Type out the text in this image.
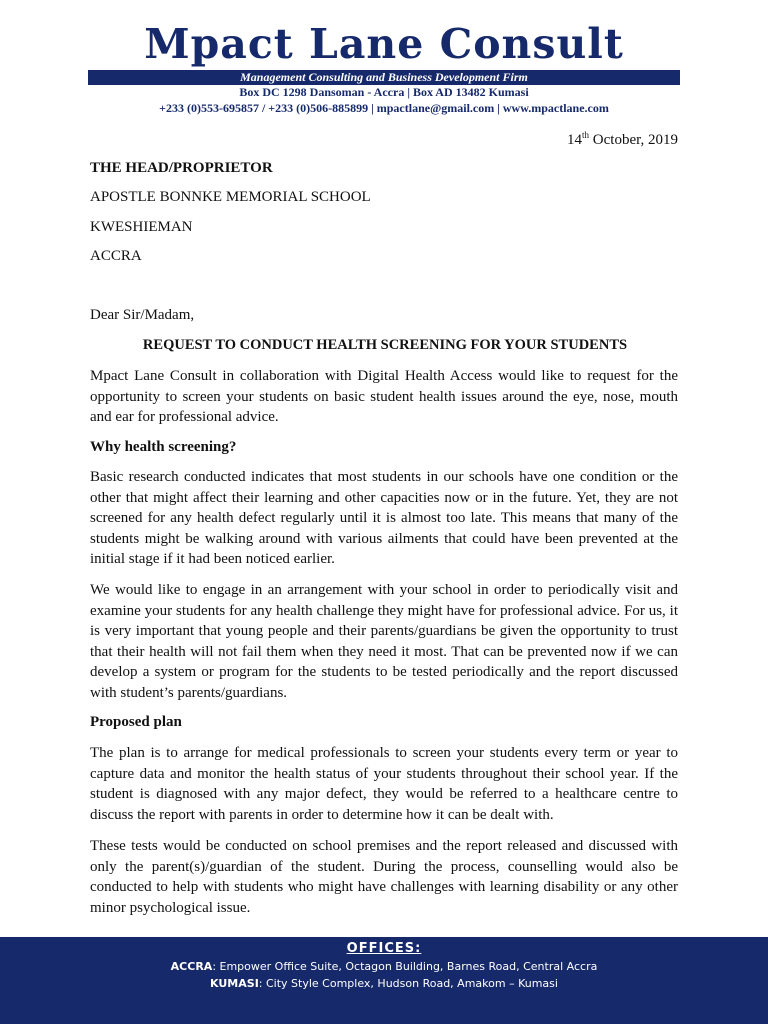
Mpact Lane Consult
Management Consulting and Business Development Firm
Box DC 1298 Dansoman - Accra | Box AD 13482 Kumasi
+233 (0)553-695857 / +233 (0)506-885899 | mpactlane@gmail.com | www.mpactlane.com
14th October, 2019
THE HEAD/PROPRIETOR
APOSTLE BONNKE MEMORIAL SCHOOL
KWESHIEMAN
ACCRA
Dear Sir/Madam,
REQUEST TO CONDUCT HEALTH SCREENING FOR YOUR STUDENTS
Mpact Lane Consult in collaboration with Digital Health Access would like to request for the opportunity to screen your students on basic student health issues around the eye, nose, mouth and ear for professional advice.
Why health screening?
Basic research conducted indicates that most students in our schools have one condition or the other that might affect their learning and other capacities now or in the future. Yet, they are not screened for any health defect regularly until it is almost too late. This means that many of the students might be walking around with various ailments that could have been prevented at the initial stage if it had been noticed earlier.
We would like to engage in an arrangement with your school in order to periodically visit and examine your students for any health challenge they might have for professional advice. For us, it is very important that young people and their parents/guardians be given the opportunity to trust that their health will not fail them when they need it most. That can be prevented now if we can develop a system or program for the students to be tested periodically and the report discussed with student’s parents/guardians.
Proposed plan
The plan is to arrange for medical professionals to screen your students every term or year to capture data and monitor the health status of your students throughout their school year. If the student is diagnosed with any major defect, they would be referred to a healthcare centre to discuss the report with parents in order to determine how it can be dealt with.
These tests would be conducted on school premises and the report released and discussed with only the parent(s)/guardian of the student. During the process, counselling would also be conducted to help with students who might have challenges with learning disability or any other minor psychological issue.
OFFICES:
ACCRA: Empower Office Suite, Octagon Building, Barnes Road, Central Accra
KUMASI: City Style Complex, Hudson Road, Amakom – Kumasi
